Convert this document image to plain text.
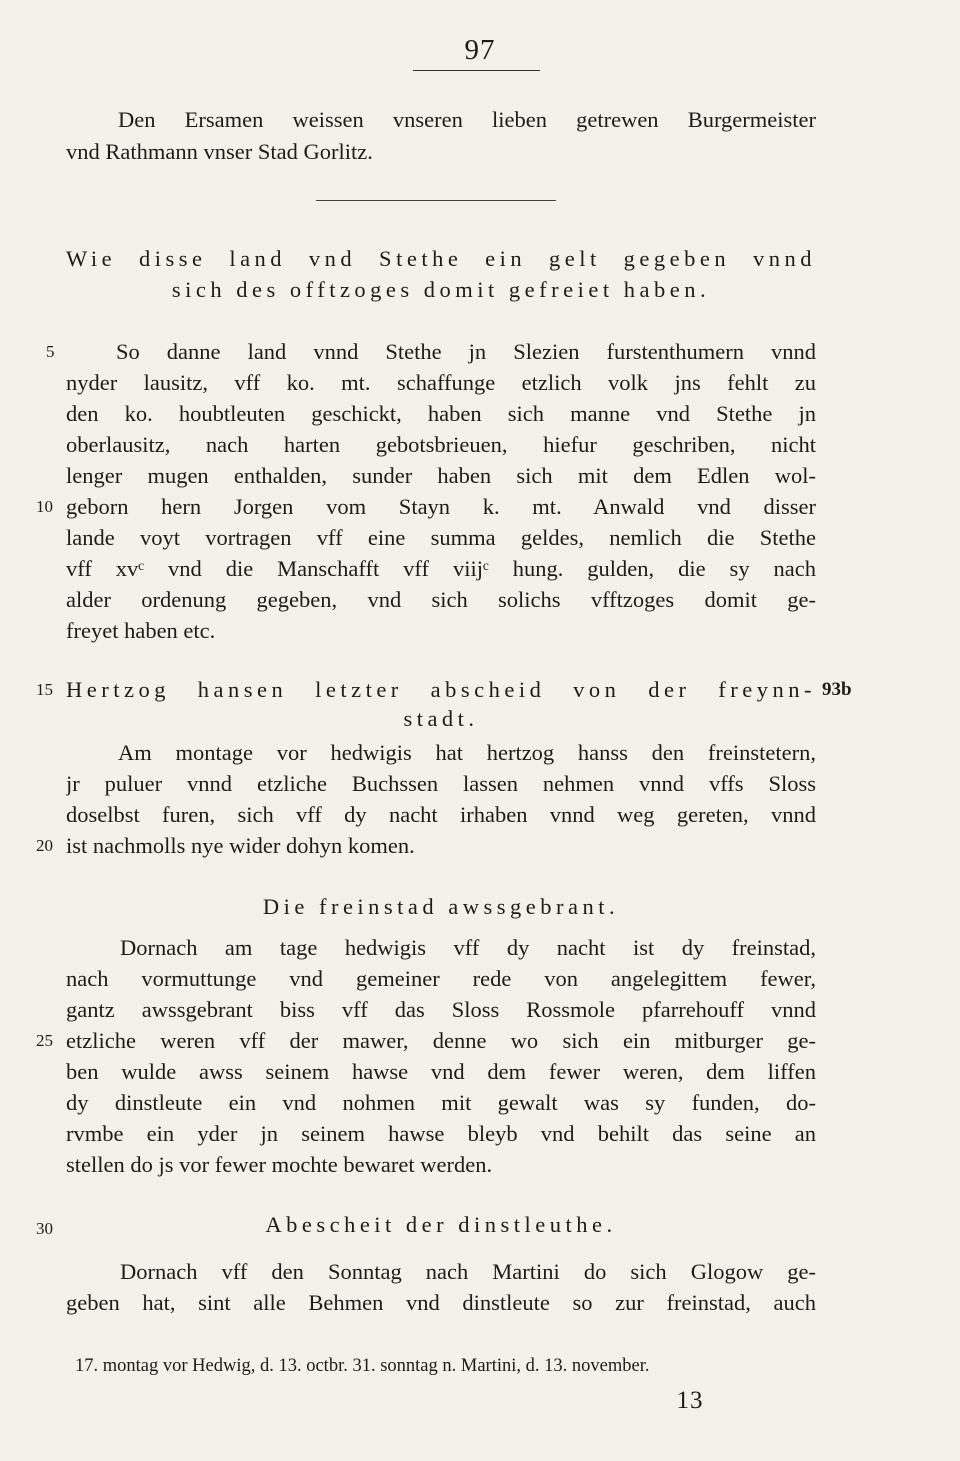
97
Den Ersamen weissen vnseren lieben getrewen Burgermeister
vnd Rathmann vnser Stad Gorlitz.
Wie disse land vnd Stethe ein gelt gegeben vnnd
sich des offtzoges domit gefreiet haben.
5	So danne land vnnd Stethe jn Slezien furstenthumern vnnd
nyder lausitz, vff ko. mt. schaffunge etzlich volk jns fehlt zu
den ko. houbtleuten geschickt, haben sich manne vnd Stethe jn
oberlausitz, nach harten gebotsbrieuen, hiefur geschriben, nicht
lenger mugen enthalden, sunder haben sich mit dem Edlen wol-
10 geborn hern Jorgen vom Stayn k. mt. Anwald vnd disser
lande voyt vortragen vff eine summa geldes, nemlich die Stethe
vff xvᶜ vnd die Manschafft vff viijᶜ hung. gulden, die sy nach
alder ordenung gegeben, vnd sich solichs vfftzoges domit ge-
freyet haben etc.
15 Hertzog hansen letzter abscheid von der freynn- 93b
stadt.
Am montage vor hedwigis hat hertzog hanss den freinstetern,
jr puluer vnnd etzliche Buchssen lassen nehmen vnnd vffs Sloss
doselbst furen, sich vff dy nacht irhaben vnnd weg gereten, vnnd
20 ist nachmolls nye wider dohyn komen.
Die freinstad awssgebrant.
Dornach am tage hedwigis vff dy nacht ist dy freinstad,
nach vormuttunge vnd gemeiner rede von angelegittem fewer,
gantz awssgebrant biss vff das Sloss Rossmole pfarrehouff vnnd
25 etzliche weren vff der mawer, denne wo sich ein mitburger ge-
ben wulde awss seinem hawse vnd dem fewer weren, dem liffen
dy dinstleute ein vnd nohmen mit gewalt was sy funden, do-
rvmbe ein yder jn seinem hawse bleyb vnd behilt das seine an
stellen do js vor fewer mochte bewaret werden.
30	Abescheit der dinstleuthe.
Dornach vff den Sonntag nach Martini do sich Glogow ge-
geben hat, sint alle Behmen vnd dinstleute so zur freinstad, auch
17. montag vor Hedwig, d. 13. octbr. 31. sonntag n. Martini, d. 13. november.
13
